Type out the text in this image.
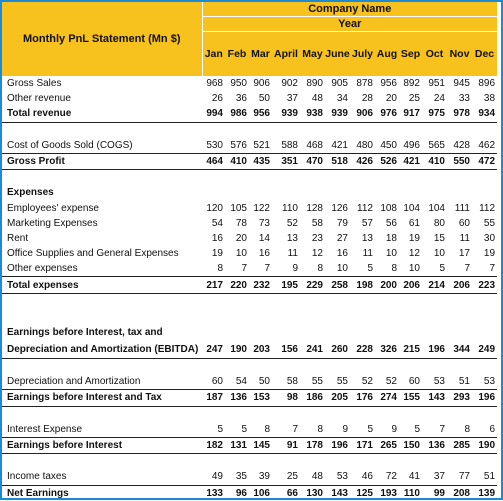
Monthly PnL Statement (Mn $)	Company Name											
	Year											
	Jan	Feb	Mar	April	May	June	July	Aug	Sep	Oct	Nov	Dec
Gross Sales	968	950	906	902	890	905	878	956	892	951	945	896
Other revenue	26	36	50	37	48	34	28	20	25	24	33	38
Total revenue	994	986	956	939	938	939	906	976	917	975	978	934

Cost of Goods Sold (COGS)	530	576	521	588	468	421	480	450	496	565	428	462
Gross Profit	464	410	435	351	470	518	426	526	421	410	550	472

Expenses												
Employees' expense	120	105	122	110	128	126	112	108	104	104	111	112
Marketing Expenses	54	78	73	52	58	79	57	56	61	80	60	55
Rent	16	20	14	13	23	27	13	18	19	15	11	30
Office Supplies and General Expenses	19	10	16	11	12	16	11	10	12	10	17	19
Other expenses	8	7	7	9	8	10	5	8	10	5	7	7
Total expenses	217	220	232	195	229	258	198	200	206	214	206	223

Earnings before Interest, tax and												
Depreciation and Amortization (EBITDA)	247	190	203	156	241	260	228	326	215	196	344	249

Depreciation and Amortization	60	54	50	58	55	55	52	52	60	53	51	53
Earnings before Interest and Tax	187	136	153	98	186	205	176	274	155	143	293	196

Interest Expense	5	5	8	7	8	9	5	9	5	7	8	6
Earnings before Interest	182	131	145	91	178	196	171	265	150	136	285	190

Income taxes	49	35	39	25	48	53	46	72	41	37	77	51
Net Earnings	133	96	106	66	130	143	125	193	110	99	208	139
